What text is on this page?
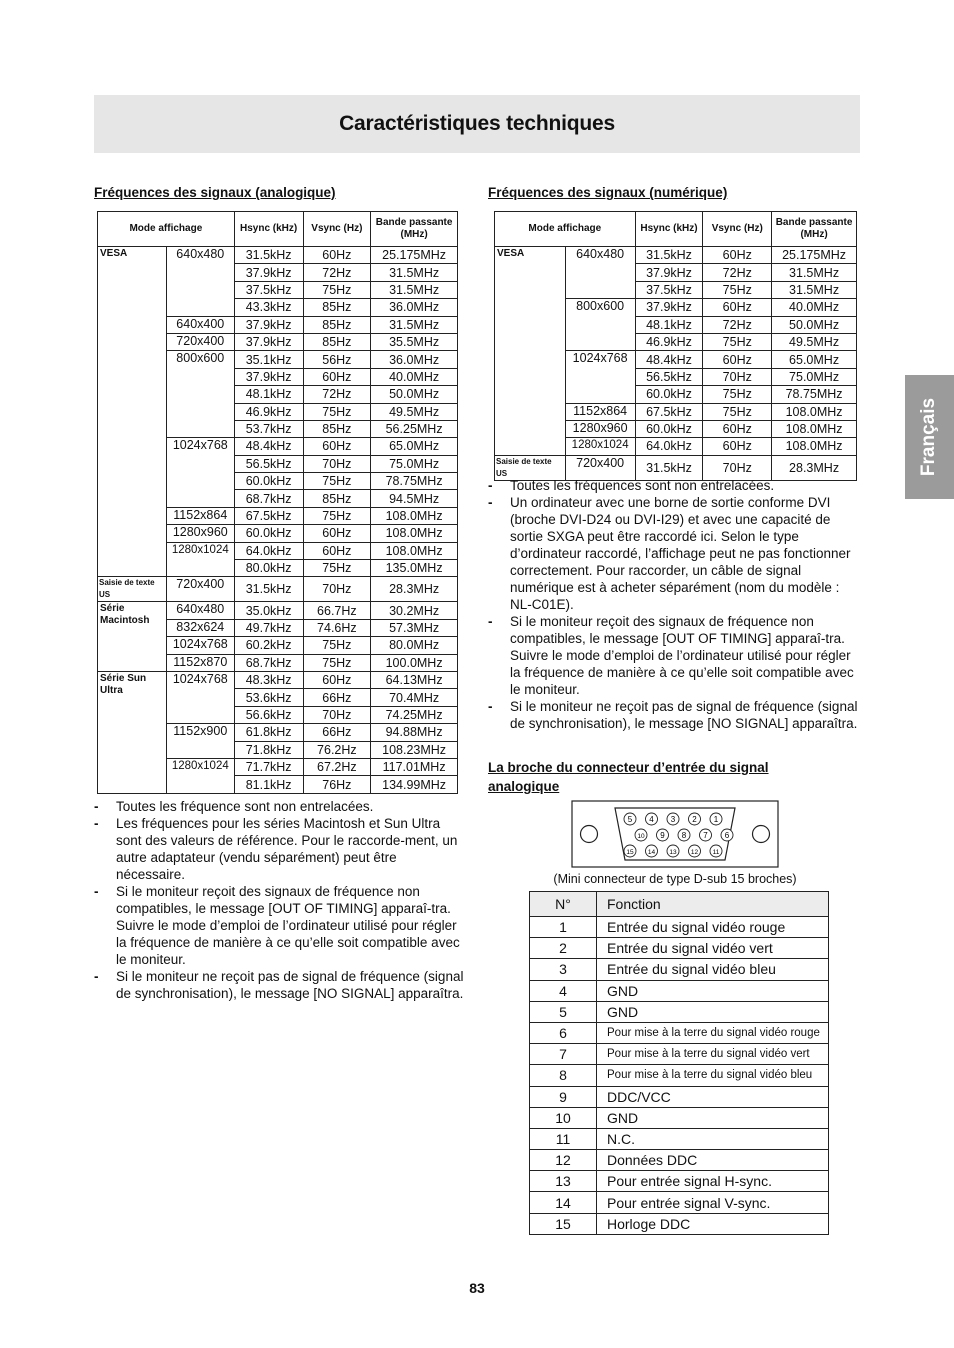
Caractéristiques techniques
Français
Fréquences des signaux (analogique)
Mode affichage		Hsync (kHz)	Vsync (Hz)	Bande passante (MHz)
VESA	640x480	31.5kHz	60Hz	25.175MHz
		37.9kHz	72Hz	31.5MHz
		37.5kHz	75Hz	31.5MHz
		43.3kHz	85Hz	36.0MHz
	640x400	37.9kHz	85Hz	31.5MHz
	720x400	37.9kHz	85Hz	35.5MHz
	800x600	35.1kHz	56Hz	36.0MHz
		37.9kHz	60Hz	40.0MHz
		48.1kHz	72Hz	50.0MHz
		46.9kHz	75Hz	49.5MHz
		53.7kHz	85Hz	56.25MHz
	1024x768	48.4kHz	60Hz	65.0MHz
		56.5kHz	70Hz	75.0MHz
		60.0kHz	75Hz	78.75MHz
		68.7kHz	85Hz	94.5MHz
	1152x864	67.5kHz	75Hz	108.0MHz
	1280x960	60.0kHz	60Hz	108.0MHz
	1280x1024	64.0kHz	60Hz	108.0MHz
		80.0kHz	75Hz	135.0MHz
Saisie de texte US	720x400	31.5kHz	70Hz	28.3MHz
Série Macintosh	640x480	35.0kHz	66.7Hz	30.2MHz
	832x624	49.7kHz	74.6Hz	57.3MHz
	1024x768	60.2kHz	75Hz	80.0MHz
	1152x870	68.7kHz	75Hz	100.0MHz
Série Sun Ultra	1024x768	48.3kHz	60Hz	64.13MHz
		53.6kHz	66Hz	70.4MHz
		56.6kHz	70Hz	74.25MHz
	1152x900	61.8kHz	66Hz	94.88MHz
		71.8kHz	76.2Hz	108.23MHz
	1280x1024	71.7kHz	67.2Hz	117.01MHz
		81.1kHz	76Hz	134.99MHz
- Toutes les fréquence sont non entrelacées.
- Les fréquences pour les séries Macintosh et Sun Ultra sont des valeurs de référence. Pour le raccorde-ment, un autre adaptateur (vendu séparément) peut être nécessaire.
- Si le moniteur reçoit des signaux de fréquence non compatibles, le message [OUT OF TIMING] apparaî-tra. Suivre le mode d’emploi de l’ordinateur utilisé pour régler la fréquence de manière à ce qu’elle soit compatible avec le moniteur.
- Si le moniteur ne reçoit pas de signal de fréquence (signal de synchronisation), le message [NO SIGNAL] apparaîtra.
Fréquences des signaux (numérique)
Mode affichage		Hsync (kHz)	Vsync (Hz)	Bande passante (MHz)
VESA	640x480	31.5kHz	60Hz	25.175MHz
		37.9kHz	72Hz	31.5MHz
		37.5kHz	75Hz	31.5MHz
	800x600	37.9kHz	60Hz	40.0MHz
		48.1kHz	72Hz	50.0MHz
		46.9kHz	75Hz	49.5MHz
	1024x768	48.4kHz	60Hz	65.0MHz
		56.5kHz	70Hz	75.0MHz
		60.0kHz	75Hz	78.75MHz
	1152x864	67.5kHz	75Hz	108.0MHz
	1280x960	60.0kHz	60Hz	108.0MHz
	1280x1024	64.0kHz	60Hz	108.0MHz
Saisie de texte US	720x400	31.5kHz	70Hz	28.3MHz
- Toutes les fréquences sont non entrelacées.
- Un ordinateur avec une borne de sortie conforme DVI (broche DVI-D24 ou DVI-I29) et avec une capacité de sortie SXGA peut être raccordé ici. Selon le type d’ordinateur raccordé, l’affichage peut ne pas fonctionner correctement. Pour raccorder, un câble de signal numérique est à acheter séparément (nom du modèle : NL-C01E).
- Si le moniteur reçoit des signaux de fréquence non compatibles, le message [OUT OF TIMING] apparaî-tra. Suivre le mode d’emploi de l’ordinateur utilisé pour régler la fréquence de manière à ce qu’elle soit compatible avec le moniteur.
- Si le moniteur ne reçoit pas de signal de fréquence (signal de synchronisation), le message [NO SIGNAL] apparaîtra.
La broche du connecteur d’entrée du signal analogique
5 4 3 2 1
10 9 8 7 6
15 14 13 12 11
(Mini connecteur de type D-sub 15 broches)
N°	Fonction
1	Entrée du signal vidéo rouge
2	Entrée du signal vidéo vert
3	Entrée du signal vidéo bleu
4	GND
5	GND
6	Pour mise à la terre du signal vidéo rouge
7	Pour mise à la terre du signal vidéo vert
8	Pour mise à la terre du signal vidéo bleu
9	DDC/VCC
10	GND
11	N.C.
12	Données DDC
13	Pour entrée signal H-sync.
14	Pour entrée signal V-sync.
15	Horloge DDC
83
